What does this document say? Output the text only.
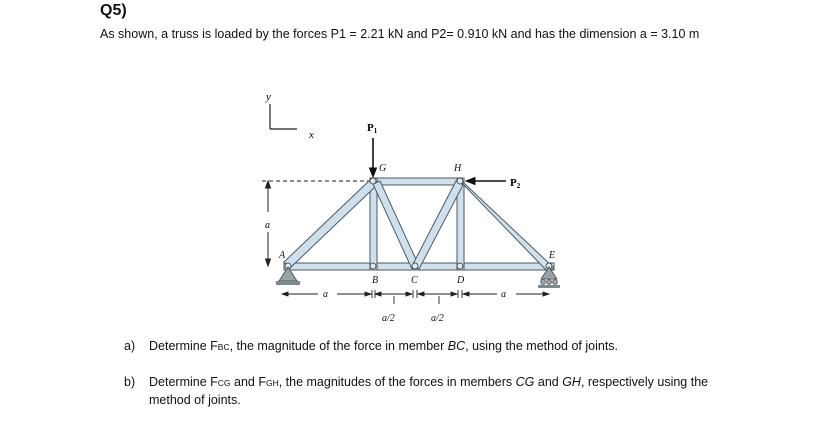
Q5)
As shown, a truss is loaded by the forces P1 = 2.21 kN and P2= 0.910 kN and has the dimension a = 3.10 m
y
x
a
P1
P2
G	H
A
B	C	D
E
a	a
a/2	a/2
a)	Determine FBC, the magnitude of the force in member BC, using the method of joints.
b)	Determine FCG and FGH, the magnitudes of the forces in members CG and GH, respectively using the method of joints.
